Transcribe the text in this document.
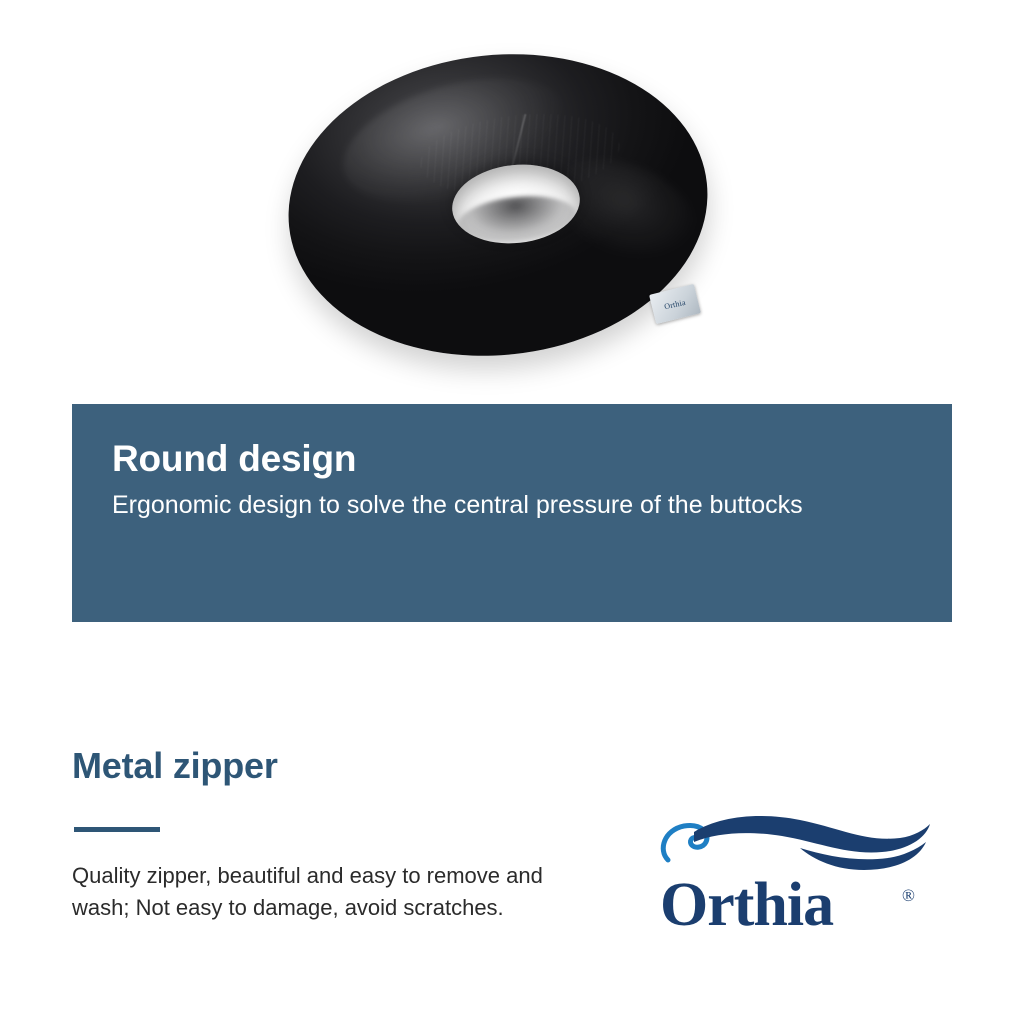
Orthia
Round design

Ergonomic design to solve the central pressure of the buttocks

Metal zipper

Quality zipper, beautiful and easy to remove and wash; Not easy to damage, avoid scratches.	Orthia	®
